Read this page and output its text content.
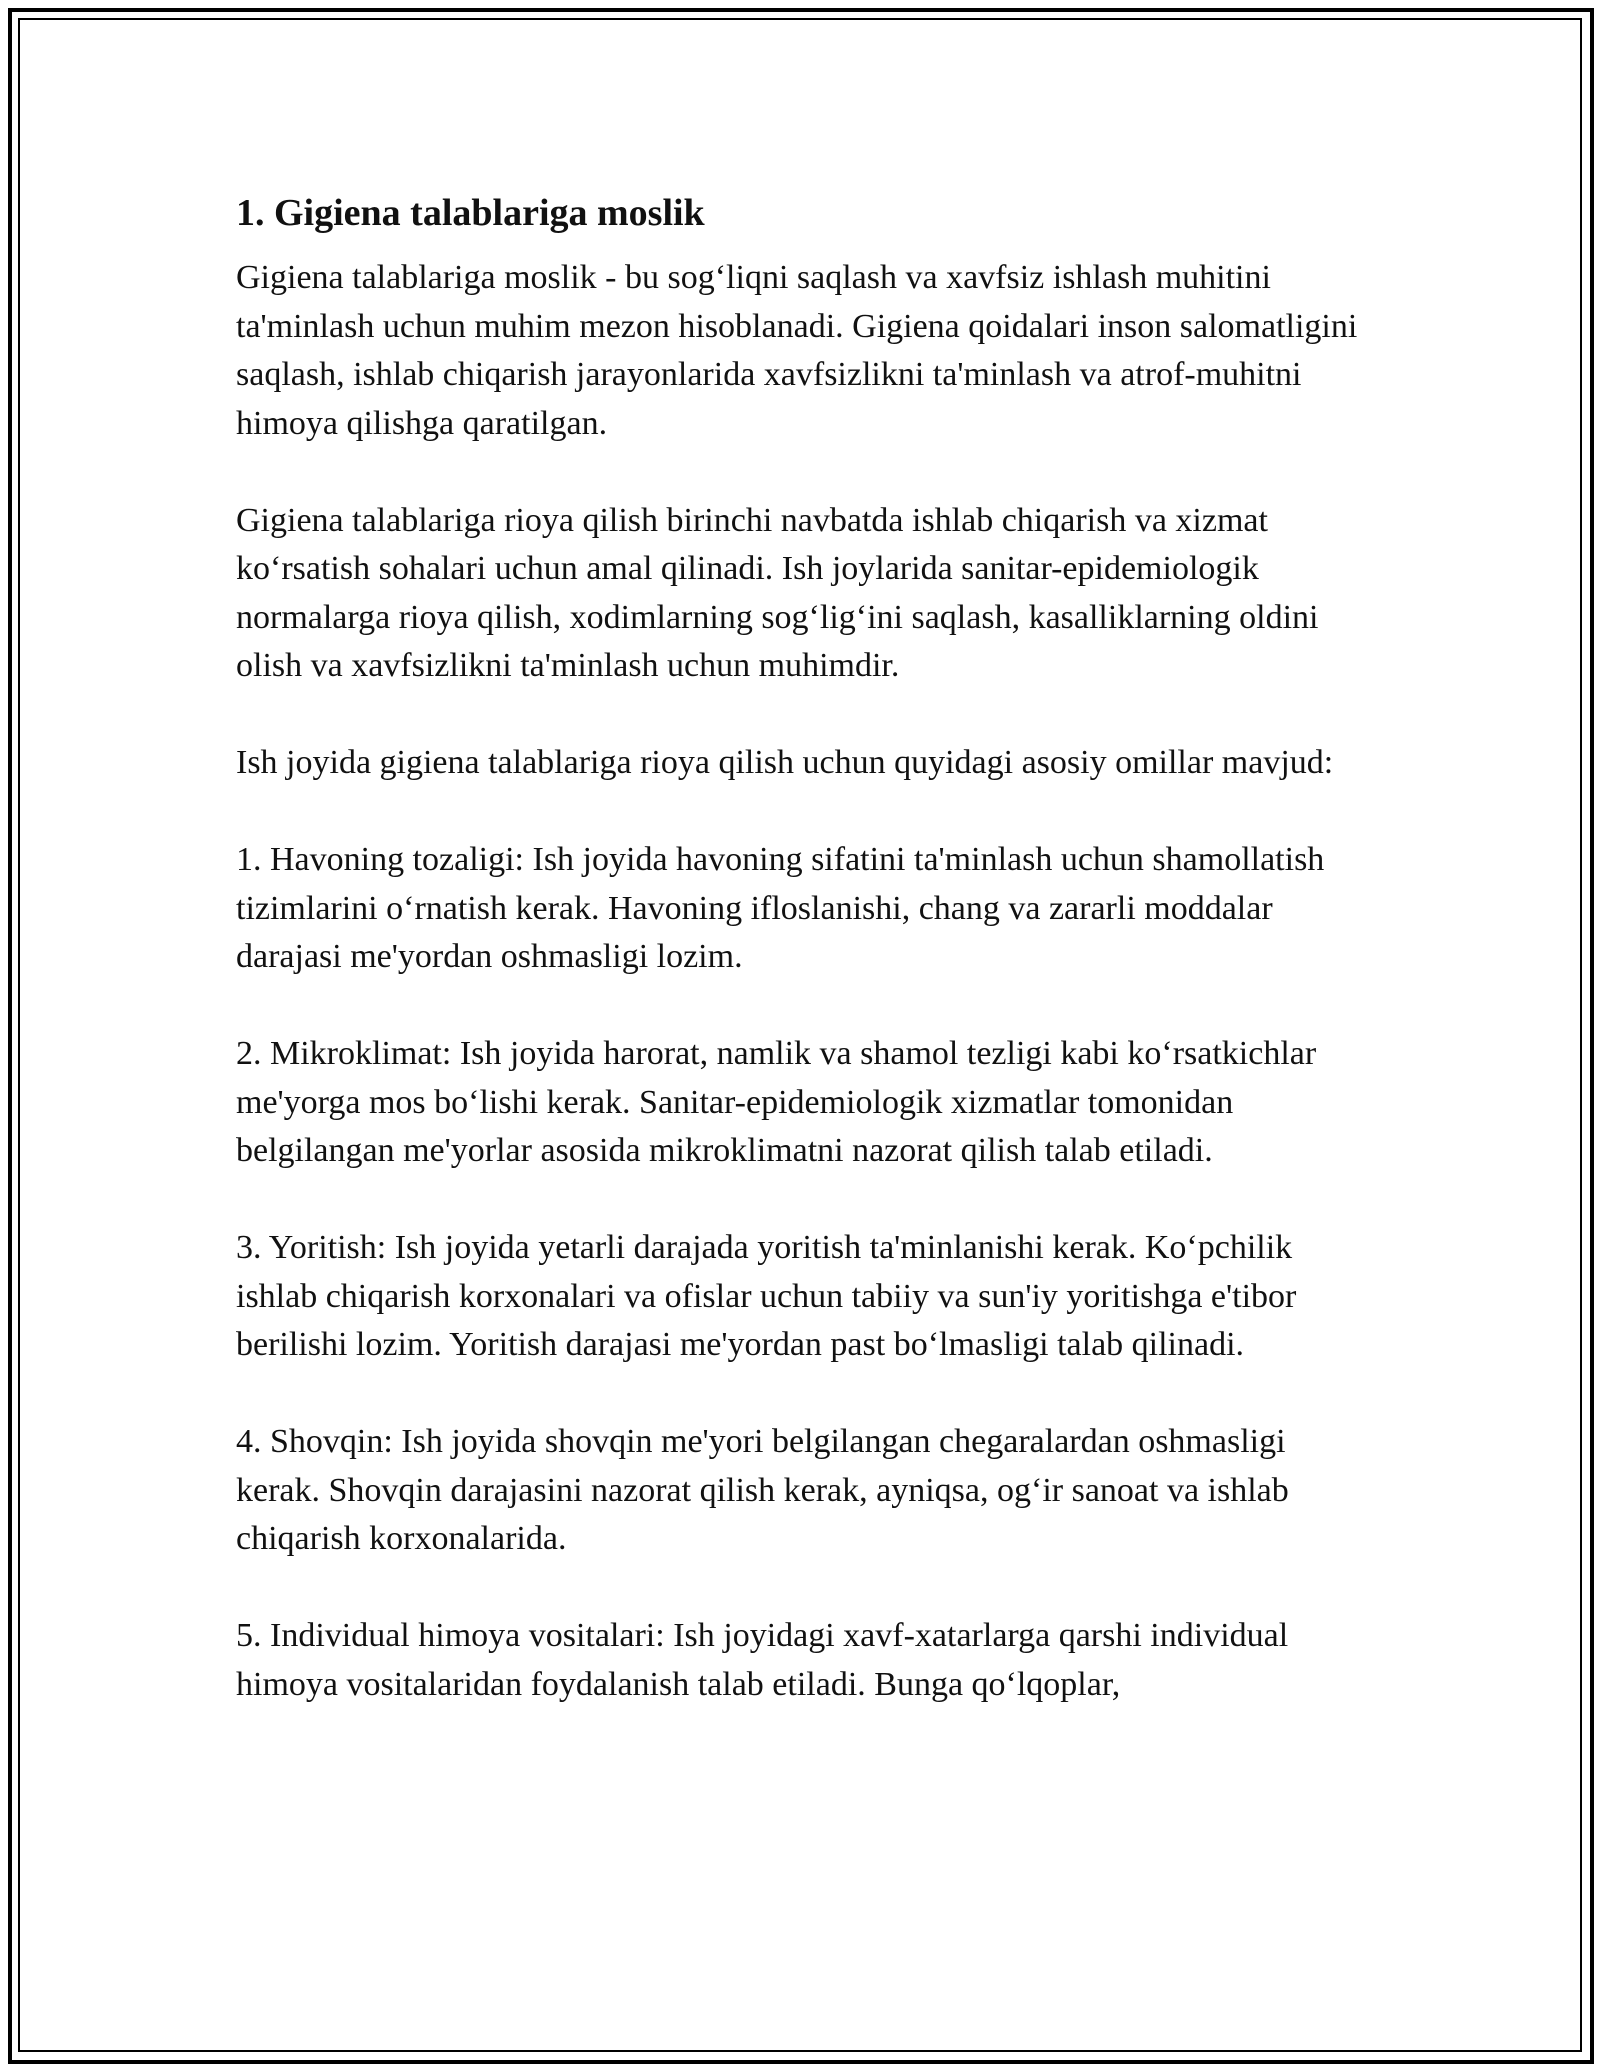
1. Gigiena talablariga moslik

Gigiena talablariga moslik - bu sog‘liqni saqlash va xavfsiz ishlash muhitini ta'minlash uchun muhim mezon hisoblanadi. Gigiena qoidalari inson salomatligini saqlash, ishlab chiqarish jarayonlarida xavfsizlikni ta'minlash va atrof-muhitni himoya qilishga qaratilgan.

Gigiena talablariga rioya qilish birinchi navbatda ishlab chiqarish va xizmat ko‘rsatish sohalari uchun amal qilinadi. Ish joylarida sanitar-epidemiologik normalarga rioya qilish, xodimlarning sog‘lig‘ini saqlash, kasalliklarning oldini olish va xavfsizlikni ta'minlash uchun muhimdir.

Ish joyida gigiena talablariga rioya qilish uchun quyidagi asosiy omillar mavjud:

1. Havoning tozaligi: Ish joyida havoning sifatini ta'minlash uchun shamollatish tizimlarini o‘rnatish kerak. Havoning ifloslanishi, chang va zararli moddalar darajasi me'yordan oshmasligi lozim.

2. Mikroklimat: Ish joyida harorat, namlik va shamol tezligi kabi ko‘rsatkichlar me'yorga mos bo‘lishi kerak. Sanitar-epidemiologik xizmatlar tomonidan belgilangan me'yorlar asosida mikroklimatni nazorat qilish talab etiladi.

3. Yoritish: Ish joyida yetarli darajada yoritish ta'minlanishi kerak. Ko‘pchilik ishlab chiqarish korxonalari va ofislar uchun tabiiy va sun'iy yoritishga e'tibor berilishi lozim. Yoritish darajasi me'yordan past bo‘lmasligi talab qilinadi.

4. Shovqin: Ish joyida shovqin me'yori belgilangan chegaralardan oshmasligi kerak. Shovqin darajasini nazorat qilish kerak, ayniqsa, og‘ir sanoat va ishlab chiqarish korxonalarida.

5. Individual himoya vositalari: Ish joyidagi xavf-xatarlarga qarshi individual himoya vositalaridan foydalanish talab etiladi. Bunga qo‘lqoplar,
